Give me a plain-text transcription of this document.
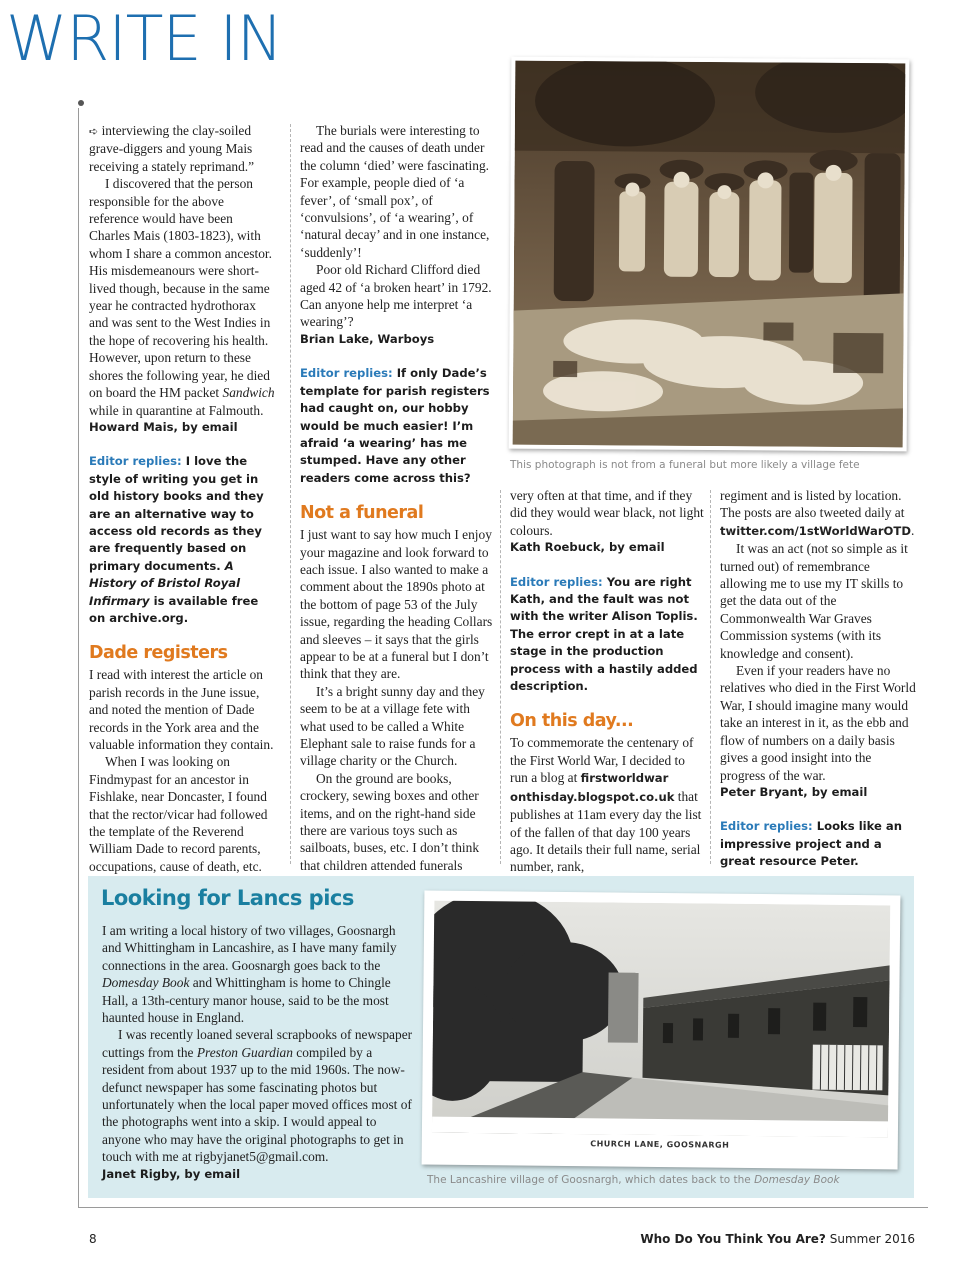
WRITE IN

➪ interviewing the clay-soiled grave-diggers and young Mais receiving a stately reprimand.”

I discovered that the person responsible for the above reference would have been Charles Mais (1803-1823), with whom I share a common ancestor. His misdemeanours were short-lived though, because in the same year he contracted hydrothorax and was sent to the West Indies in the hope of recovering his health. However, upon return to these shores the following year, he died on board the HM packet Sandwich while in quarantine at Falmouth.

Howard Mais, by email
Editor replies: I love the style of writing you get in old history books and they are an alternative way to access old records as they are frequently based on primary documents. A History of Bristol Royal Infirmary is available free on archive.org.
Dade registers

I read with interest the article on parish records in the June issue, and noted the mention of Dade records in the York area and the valuable information they contain.

When I was looking on Findmypast for an ancestor in Fishlake, near Doncaster, I found that the rector/vicar had followed the template of the Reverend William Dade to record parents, occupations, cause of death, etc.

The burials were interesting to read and the causes of death under the column ‘died’ were fascinating. For example, people died of ‘a fever’, of ‘small pox’, of ‘convulsions’, of ‘a wearing’, of ‘natural decay’ and in one instance, ‘suddenly’!

Poor old Richard Clifford died aged 42 of ‘a broken heart’ in 1792. Can anyone help me interpret ‘a wearing’?

Brian Lake, Warboys
Editor replies: If only Dade’s template for parish registers had caught on, our hobby would be much easier! I’m afraid ‘a wearing’ has me stumped. Have any other readers come across this?
Not a funeral

I just want to say how much I enjoy your magazine and look forward to each issue. I also wanted to make a comment about the 1890s photo at the bottom of page 53 of the July issue, regarding the heading Collars and sleeves – it says that the girls appear to be at a funeral but I don’t think that they are.

It’s a bright sunny day and they seem to be at a village fete with what used to be called a White Elephant sale to raise funds for a village charity or the Church.

On the ground are books, crockery, sewing boxes and other items, and on the right-hand side there are various toys such as sailboats, buses, etc. I don’t think that children attended funerals

This photograph is not from a funeral but more likely a village fete

very often at that time, and if they did they would wear black, not light colours.

Kath Roebuck, by email
Editor replies: You are right Kath, and the fault was not with the writer Alison Toplis. The error crept in at a late stage in the production process with a hastily added description.
On this day...

To commemorate the centenary of the First World War, I decided to run a blog at firstworldwar onthisday.blogspot.co.uk that publishes at 11am every day the list of the fallen of that day 100 years ago. It details their full name, serial number, rank,

regiment and is listed by location. The posts are also tweeted daily at twitter.com/1stWorldWarOTD.

It was an act (not so simple as it turned out) of remembrance allowing me to use my IT skills to get the data out of the Commonwealth War Graves Commission systems (with its knowledge and consent).

Even if your readers have no relatives who died in the First World War, I should imagine many would take an interest in it, as the ebb and flow of numbers on a daily basis gives a good insight into the progress of the war.

Peter Bryant, by email
Editor replies: Looks like an impressive project and a great resource Peter.
Looking for Lancs pics

I am writing a local history of two villages, Goosnargh and Whittingham in Lancashire, as I have many family connections in the area. Goosnargh goes back to the Domesday Book and Whittingham is home to Chingle Hall, a 13th-century manor house, said to be the most haunted house in England.

I was recently loaned several scrapbooks of newspaper cuttings from the Preston Guardian compiled by a resident from about 1937 up to the mid 1960s. The now-defunct newspaper has some fascinating photos but unfortunately when the local paper moved offices most of the photographs went into a skip. I would appeal to anyone who may have the original photographs to get in touch with me at rigbyjanet5@gmail.com.

Janet Rigby, by email	The Lancashire village of Goosnargh, which dates back to the Domesday Book
CHURCH LANE, GOOSNARGH
8	Who Do You Think You Are? Summer 2016
